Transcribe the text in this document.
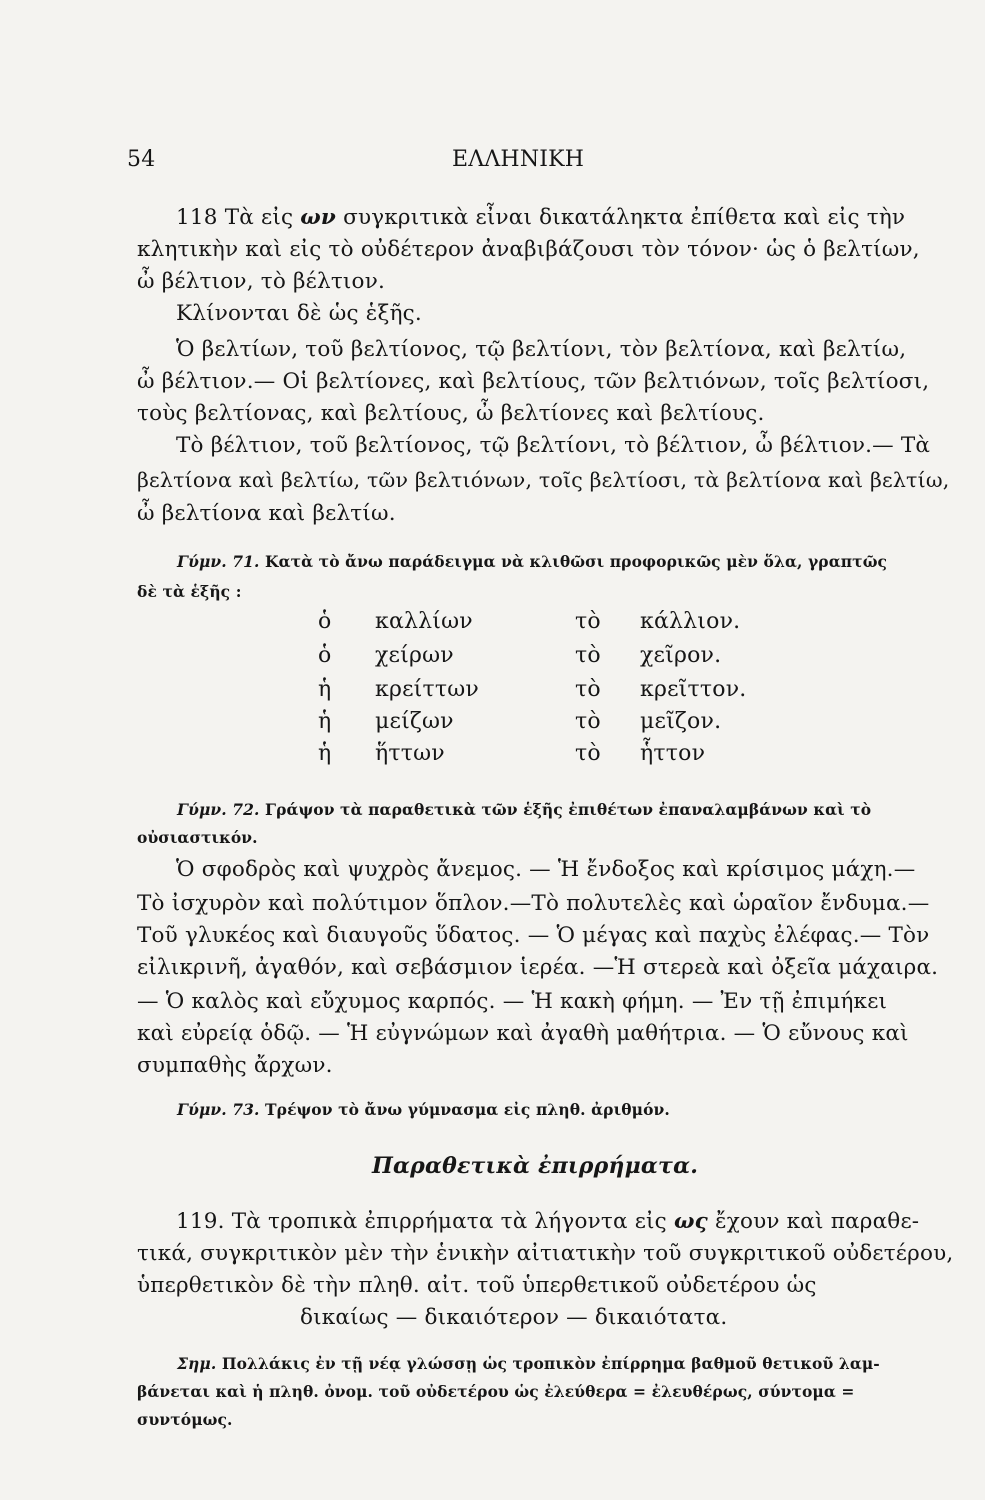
54	ΕΛΛΗΝΙΚΗ
118 Τὰ εἰς ων συγκριτικὰ εἶναι δικατάληκτα ἐπίθετα καὶ εἰς τὴν
κλητικὴν καὶ εἰς τὸ οὐδέτερον ἀναβιβάζουσι τὸν τόνον· ὡς ὁ βελτίων,
ὦ βέλτιον, τὸ βέλτιον.
Κλίνονται δὲ ὡς ἑξῆς.
Ὁ βελτίων, τοῦ βελτίονος, τῷ βελτίονι, τὸν βελτίονα, καὶ βελτίω,
ὦ βέλτιον.— Οἱ βελτίονες, καὶ βελτίους, τῶν βελτιόνων, τοῖς βελτίοσι,
τοὺς βελτίονας, καὶ βελτίους, ὦ βελτίονες καὶ βελτίους.
Τὸ βέλτιον, τοῦ βελτίονος, τῷ βελτίονι, τὸ βέλτιον, ὦ βέλτιον.— Τὰ
βελτίονα καὶ βελτίω, τῶν βελτιόνων, τοῖς βελτίοσι, τὰ βελτίονα καὶ βελτίω,
ὦ βελτίονα καὶ βελτίω.
Γύμν. 71. Κατὰ τὸ ἄνω παράδειγμα νὰ κλιθῶσι προφορικῶς μὲν ὅλα, γραπτῶς
δὲ τὰ ἑξῆς :
ὁ καλλίων	τὸ κάλλιον.
ὁ χείρων	τὸ χεῖρον.
ἡ κρείττων	τὸ κρεῖττον.
ἡ μείζων	τὸ μεῖζον.
ἡ ἥττων	τὸ ἧττον
Γύμν. 72. Γράψον τὰ παραθετικὰ τῶν ἑξῆς ἐπιθέτων ἐπαναλαμβάνων καὶ τὸ
οὐσιαστικόν.
Ὁ σφοδρὸς καὶ ψυχρὸς ἄνεμος. — Ἡ ἔνδοξος καὶ κρίσιμος μάχη.—
Τὸ ἰσχυρὸν καὶ πολύτιμον ὅπλον.—Τὸ πολυτελὲς καὶ ὡραῖον ἔνδυμα.—
Τοῦ γλυκέος καὶ διαυγοῦς ὕδατος. — Ὁ μέγας καὶ παχὺς ἐλέφας.— Τὸν
εἰλικρινῆ, ἀγαθόν, καὶ σεβάσμιον ἱερέα. —Ἡ στερεὰ καὶ ὀξεῖα μάχαιρα.
— Ὁ καλὸς καὶ εὔχυμος καρπός. — Ἡ κακὴ φήμη. — Ἐν τῇ ἐπιμήκει
καὶ εὐρείᾳ ὁδῷ. — Ἡ εὐγνώμων καὶ ἀγαθὴ μαθήτρια. — Ὁ εὔνους καὶ
συμπαθὴς ἄρχων.
Γύμν. 73. Τρέψον τὸ ἄνω γύμνασμα εἰς πληθ. ἀριθμόν.
Παραθετικὰ ἐπιρρήματα.
119. Τὰ τροπικὰ ἐπιρρήματα τὰ λήγοντα εἰς ως ἔχουν καὶ παραθε-
τικά, συγκριτικὸν μὲν τὴν ἑνικὴν αἰτιατικὴν τοῦ συγκριτικοῦ οὐδετέρου,
ὑπερθετικὸν δὲ τὴν πληθ. αἰτ. τοῦ ὑπερθετικοῦ οὐδετέρου ὡς
δικαίως — δικαιότερον — δικαιότατα.
Σημ. Πολλάκις ἐν τῇ νέᾳ γλώσσῃ ὡς τροπικὸν ἐπίρρημα βαθμοῦ θετικοῦ λαμ-
βάνεται καὶ ἡ πληθ. ὀνομ. τοῦ οὐδετέρου ὡς ἐλεύθερα = ἐλευθέρως, σύντομα =
συντόμως.
